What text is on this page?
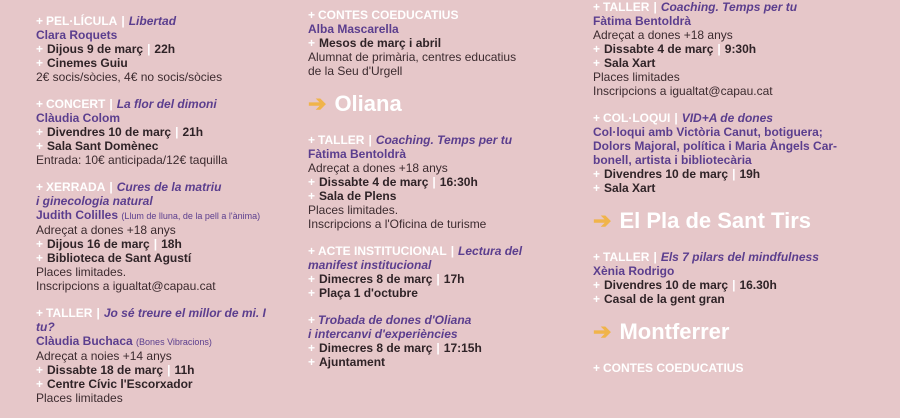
+ PEL·LÍCULA | Libertad
Clara Roquets
+ Dijous 9 de març | 22h
+ Cinemes Guiu
2€ socis/sòcies, 4€ no socis/sòcies
+ CONCERT | La flor del dimoni
Clàudia Colom
+ Divendres 10 de març | 21h
+ Sala Sant Domènec
Entrada: 10€ anticipada/12€ taquilla
+ XERRADA | Cures de la matriu
i ginecologia natural
Judith Colilles (Llum de lluna, de la pell a l'ànima)
Adreçat a dones +18 anys
+ Dijous 16 de març | 18h
+ Biblioteca de Sant Agustí
Places limitades.
Inscripcions a igualtat@capau.cat
+ TALLER | Jo sé treure el millor de mi. I tu?
Clàudia Buchaca (Bones Vibracions)
Adreçat a noies +14 anys
+ Dissabte 18 de març | 11h
+ Centre Cívic l'Escorxador
Places limitades
+ CONTES COEDUCATIUS
Alba Mascarella
+ Mesos de març i abril
Alumnat de primària, centres educatius
de la Seu d'Urgell
➔ Oliana
+ TALLER | Coaching. Temps per tu
Fàtima Bentoldrà
Adreçat a dones +18 anys
+ Dissabte 4 de març | 16:30h
+ Sala de Plens
Places limitades.
Inscripcions a l'Oficina de turisme
+ ACTE INSTITUCIONAL | Lectura del
manifest institucional
+ Dimecres 8 de març | 17h
+ Plaça 1 d'octubre
+ Trobada de dones d'Oliana
i intercanvi d'experiències
+ Dimecres 8 de març | 17:15h
+ Ajuntament
+ TALLER | Coaching. Temps per tu
Fàtima Bentoldrà
Adreçat a dones +18 anys
+ Dissabte 4 de març | 9:30h
+ Sala Xart
Places limitades
Inscripcions a igualtat@capau.cat
+ COL·LOQUI | VID+A de dones
Col·loqui amb Victòria Canut, botiguera;
Dolors Majoral, política i Maria Àngels Car-
bonell, artista i bibliotecària
+ Divendres 10 de març | 19h
+ Sala Xart
➔ El Pla de Sant Tirs
+ TALLER | Els 7 pilars del mindfulness
Xènia Rodrigo
+ Divendres 10 de març | 16.30h
+ Casal de la gent gran
➔ Montferrer
+ CONTES COEDUCATIUS
